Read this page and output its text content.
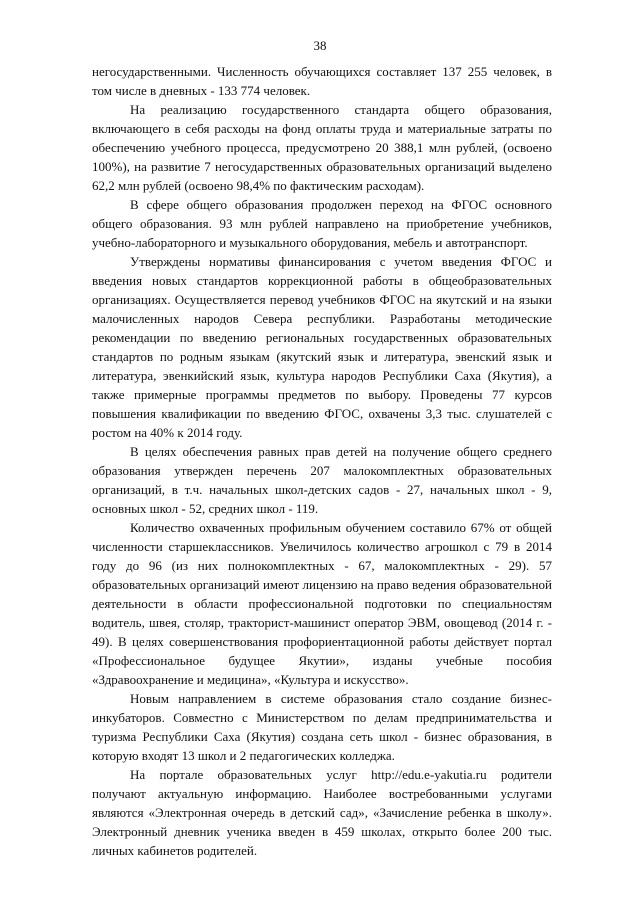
38

негосударственными. Численность обучающихся составляет 137 255 человек, в том числе в дневных - 133 774 человек.

На реализацию государственного стандарта общего образования, включающего в себя расходы на фонд оплаты труда и материальные затраты по обеспечению учебного процесса, предусмотрено 20 388,1 млн рублей, (освоено 100%), на развитие 7 негосударственных образовательных организаций выделено 62,2 млн рублей (освоено 98,4% по фактическим расходам).

В сфере общего образования продолжен переход на ФГОС основного общего образования. 93 млн рублей направлено на приобретение учебников, учебно-лабораторного и музыкального оборудования, мебель и автотранспорт.

Утверждены нормативы финансирования с учетом введения ФГОС и введения новых стандартов коррекционной работы в общеобразовательных организациях. Осуществляется перевод учебников ФГОС на якутский и на языки малочисленных народов Севера республики. Разработаны методические рекомендации по введению региональных государственных образовательных стандартов по родным языкам (якутский язык и литература, эвенский язык и литература, эвенкийский язык, культура народов Республики Саха (Якутия), а также примерные программы предметов по выбору. Проведены 77 курсов повышения квалификации по введению ФГОС, охвачены 3,3 тыс. слушателей с ростом на 40% к 2014 году.

В целях обеспечения равных прав детей на получение общего среднего образования утвержден перечень 207 малокомплектных образовательных организаций, в т.ч. начальных школ-детских садов - 27, начальных школ - 9, основных школ - 52, средних школ - 119.

Количество охваченных профильным обучением составило 67% от общей численности старшеклассников. Увеличилось количество агрошкол с 79 в 2014 году до 96 (из них полнокомплектных - 67, малокомплектных - 29). 57 образовательных организаций имеют лицензию на право ведения образовательной деятельности в области профессиональной подготовки по специальностям водитель, швея, столяр, тракторист-машинист оператор ЭВМ, овощевод (2014 г. - 49). В целях совершенствования профориентационной работы действует портал «Профессиональное будущее Якутии», изданы учебные пособия «Здравоохранение и медицина», «Культура и искусство».

Новым направлением в системе образования стало создание бизнес-инкубаторов. Совместно с Министерством по делам предпринимательства и туризма Республики Саха (Якутия) создана сеть школ - бизнес образования, в которую входят 13 школ и 2 педагогических колледжа.

На портале образовательных услуг http://edu.e-yakutia.ru родители получают актуальную информацию. Наиболее востребованными услугами являются «Электронная очередь в детский сад», «Зачисление ребенка в школу». Электронный дневник ученика введен в 459 школах, открыто более 200 тыс. личных кабинетов родителей.
